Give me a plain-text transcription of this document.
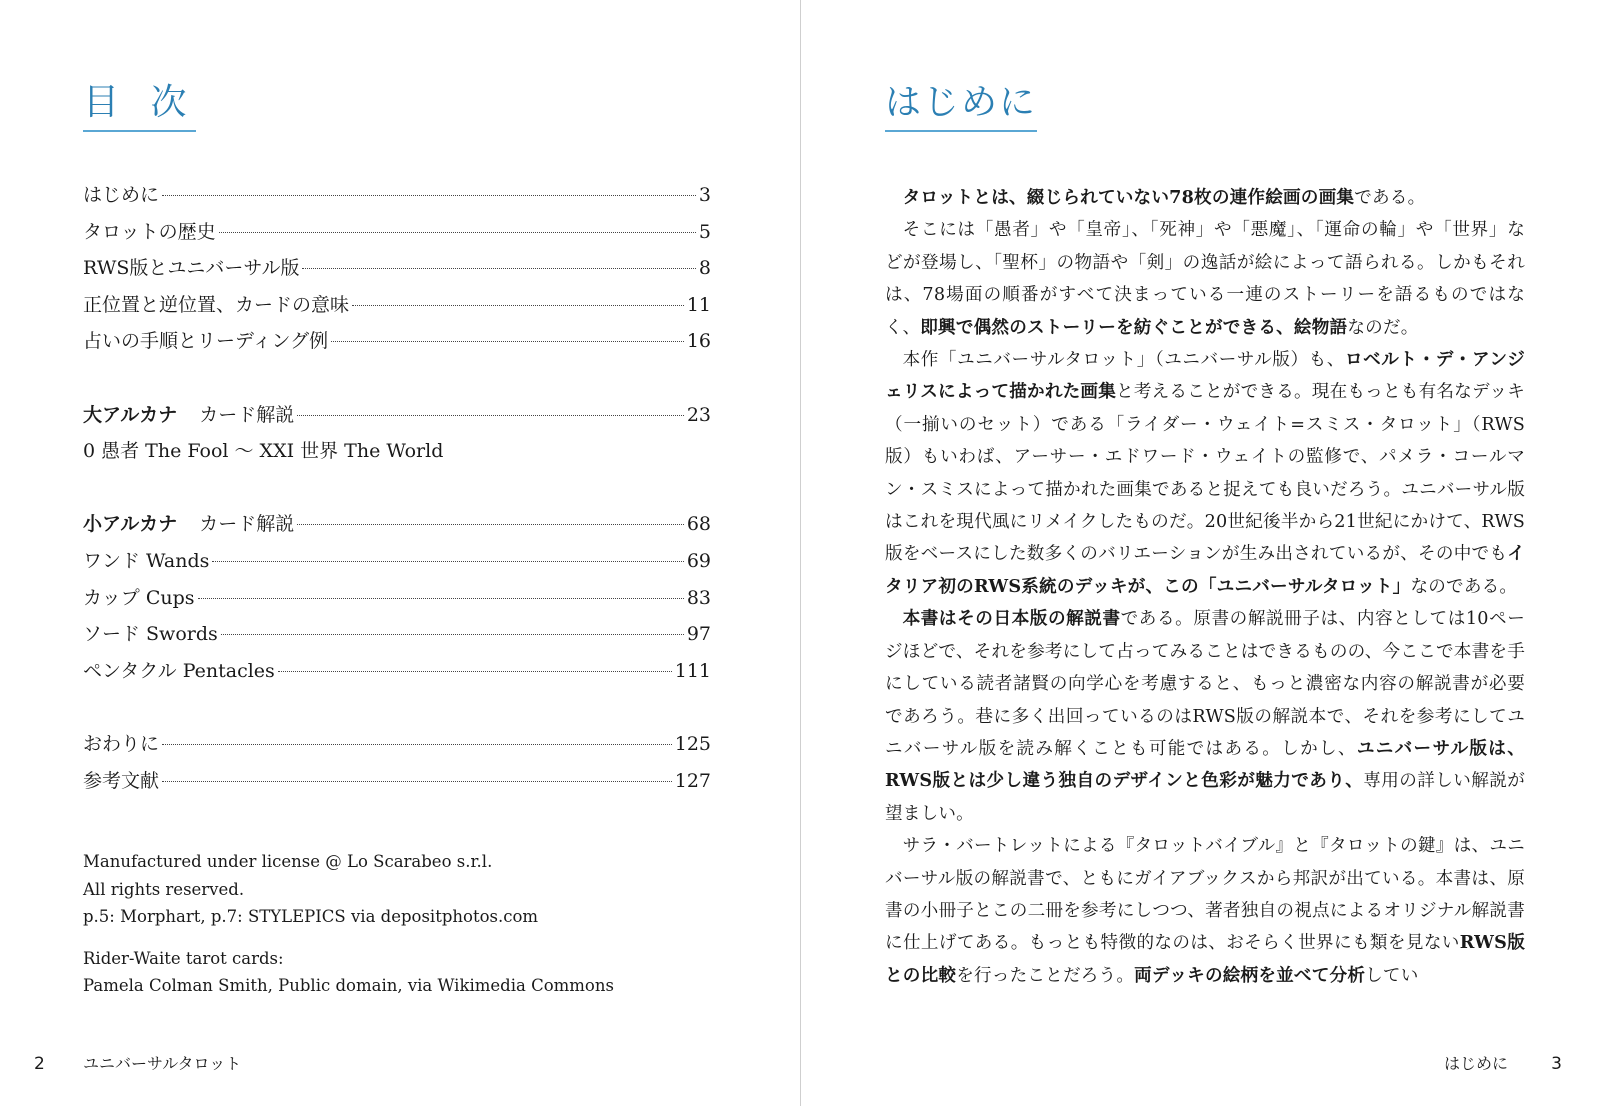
目 次
はじめに	3
タロットの歴史	5
RWS版とユニバーサル版	8
正位置と逆位置、カードの意味	11
占いの手順とリーディング例	16
大アルカナ カード解説	23
0 愚者 The Fool 〜 XXI 世界 The World
小アルカナ カード解説	68
ワンド Wands	69
カップ Cups	83
ソード Swords	97
ペンタクル Pentacles	111
おわりに	125
参考文献	127

Manufactured under license @ Lo Scarabeo s.r.l.

All rights reserved.

p.5: Morphart, p.7: STYLEPICS via depositphotos.com

Rider-Waite tarot cards:

Pamela Colman Smith, Public domain, via Wikimedia Commons

2 ユニバーサルタロット
はじめに

タロットとは、綴じられていない78枚の連作絵画の画集である。

そこには「愚者」や「皇帝」、「死神」や「悪魔」、「運命の輪」や「世界」などが登場し、「聖杯」の物語や「剣」の逸話が絵によって語られる。しかもそれは、78場面の順番がすべて決まっている一連のストーリーを語るものではなく、即興で偶然のストーリーを紡ぐことができる、絵物語なのだ。

本作「ユニバーサルタロット」（ユニバーサル版）も、ロベルト・デ・アンジェリスによって描かれた画集と考えることができる。現在もっとも有名なデッキ（一揃いのセット）である「ライダー・ウェイト=スミス・タロット」（RWS版）もいわば、アーサー・エドワード・ウェイトの監修で、パメラ・コールマン・スミスによって描かれた画集であると捉えても良いだろう。ユニバーサル版はこれを現代風にリメイクしたものだ。20世紀後半から21世紀にかけて、RWS版をベースにした数多くのバリエーションが生み出されているが、その中でもイタリア初のRWS系統のデッキが、この「ユニバーサルタロット」なのである。

本書はその日本版の解説書である。原書の解説冊子は、内容としては10ページほどで、それを参考にして占ってみることはできるものの、今ここで本書を手にしている読者諸賢の向学心を考慮すると、もっと濃密な内容の解説書が必要であろう。巷に多く出回っているのはRWS版の解説本で、それを参考にしてユニバーサル版を読み解くことも可能ではある。しかし、ユニバーサル版は、RWS版とは少し違う独自のデザインと色彩が魅力であり、専用の詳しい解説が望ましい。

サラ・バートレットによる『タロットバイブル』と『タロットの鍵』は、ユニバーサル版の解説書で、ともにガイアブックスから邦訳が出ている。本書は、原書の小冊子とこの二冊を参考にしつつ、著者独自の視点によるオリジナル解説書に仕上げてある。もっとも特徴的なのは、おそらく世界にも類を見ないRWS版との比較を行ったことだろう。両デッキの絵柄を並べて分析してい

はじめに	3
